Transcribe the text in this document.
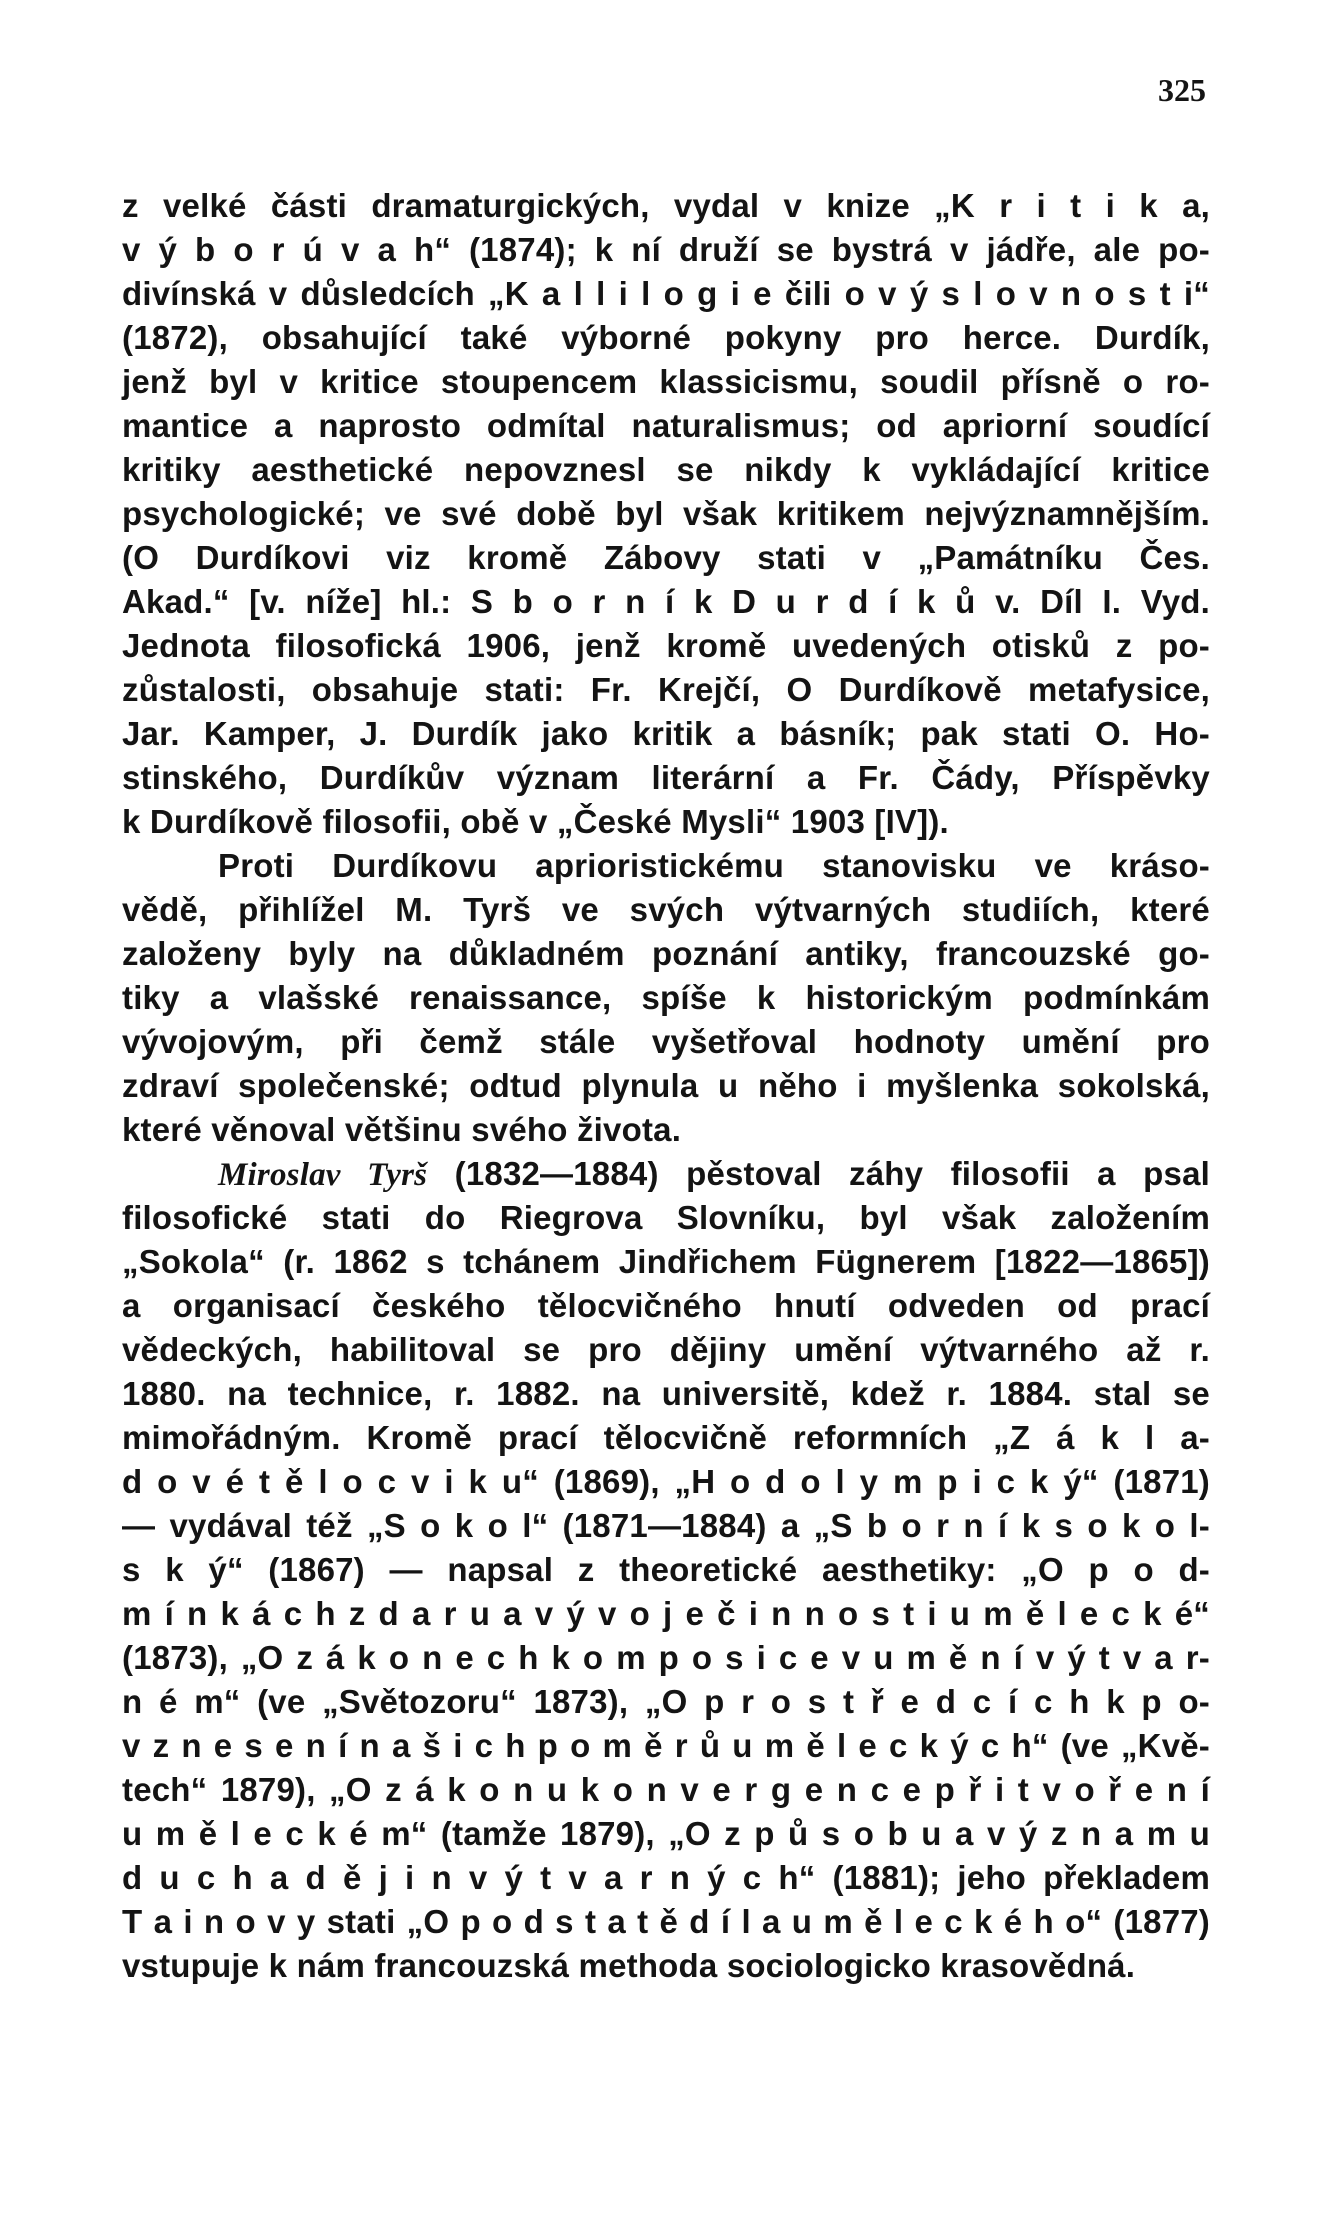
325
z velké části dramaturgických, vydal v knize „K r i t i k a,
v ý b o r ú v a h“ (1874); k ní druží se bystrá v jádře, ale po-
divínská v důsledcích „K a l l i l o g i e čili o v ý s l o v n o s t i“
(1872), obsahující také výborné pokyny pro herce. Durdík,
jenž byl v kritice stoupencem klassicismu, soudil přísně o ro-
mantice a naprosto odmítal naturalismus; od apriorní soudící
kritiky aesthetické nepovznesl se nikdy k vykládající kritice
psychologické; ve své době byl však kritikem nejvýznamnějším.
(O Durdíkovi viz kromě Zábovy stati v „Památníku Čes.
Akad.“ [v. níže] hl.: S b o r n í k D u r d í k ů v. Díl I. Vyd.
Jednota filosofická 1906, jenž kromě uvedených otisků z po-
zůstalosti, obsahuje stati: Fr. Krejčí, O Durdíkově metafysice,
Jar. Kamper, J. Durdík jako kritik a básník; pak stati O. Ho-
stinského, Durdíkův význam literární a Fr. Čády, Příspěvky
k Durdíkově filosofii, obě v „České Mysli“ 1903 [IV]).
Proti Durdíkovu aprioristickému stanovisku ve kráso-
vědě, přihlížel M. Tyrš ve svých výtvarných studiích, které
založeny byly na důkladném poznání antiky, francouzské go-
tiky a vlašské renaissance, spíše k historickým podmínkám
vývojovým, při čemž stále vyšetřoval hodnoty umění pro
zdraví společenské; odtud plynula u něho i myšlenka sokolská,
které věnoval většinu svého života.
Miroslav Tyrš (1832—1884) pěstoval záhy filosofii a psal
filosofické stati do Riegrova Slovníku, byl však založením
„Sokola“ (r. 1862 s tchánem Jindřichem Fügnerem [1822—1865])
a organisací českého tělocvičného hnutí odveden od prací
vědeckých, habilitoval se pro dějiny umění výtvarného až r.
1880. na technice, r. 1882. na universitě, kdež r. 1884. stal se
mimořádným. Kromě prací tělocvičně reformních „Z á k l a-
d o v é t ě l o c v i k u“ (1869), „H o d o l y m p i c k ý“ (1871)
— vydával též „S o k o l“ (1871—1884) a „S b o r n í k s o k o l-
s k ý“ (1867) — napsal z theoretické aesthetiky: „O p o d-
m í n k á c h z d a r u a v ý v o j e č i n n o s t i u m ě l e c k é“
(1873), „O z á k o n e c h k o m p o s i c e v u m ě n í v ý t v a r-
n é m“ (ve „Světozoru“ 1873), „O p r o s t ř e d c í c h k p o-
v z n e s e n í n a š i c h p o m ě r ů u m ě l e c k ý c h“ (ve „Kvě-
tech“ 1879), „O z á k o n u k o n v e r g e n c e p ř i t v o ř e n í
u m ě l e c k é m“ (tamže 1879), „O z p ů s o b u a v ý z n a m u
d u c h a d ě j i n v ý t v a r n ý c h“ (1881); jeho překladem
T a i n o v y stati „O p o d s t a t ě d í l a u m ě l e c k é h o“ (1877)
vstupuje k nám francouzská methoda sociologicko krasovědná.
